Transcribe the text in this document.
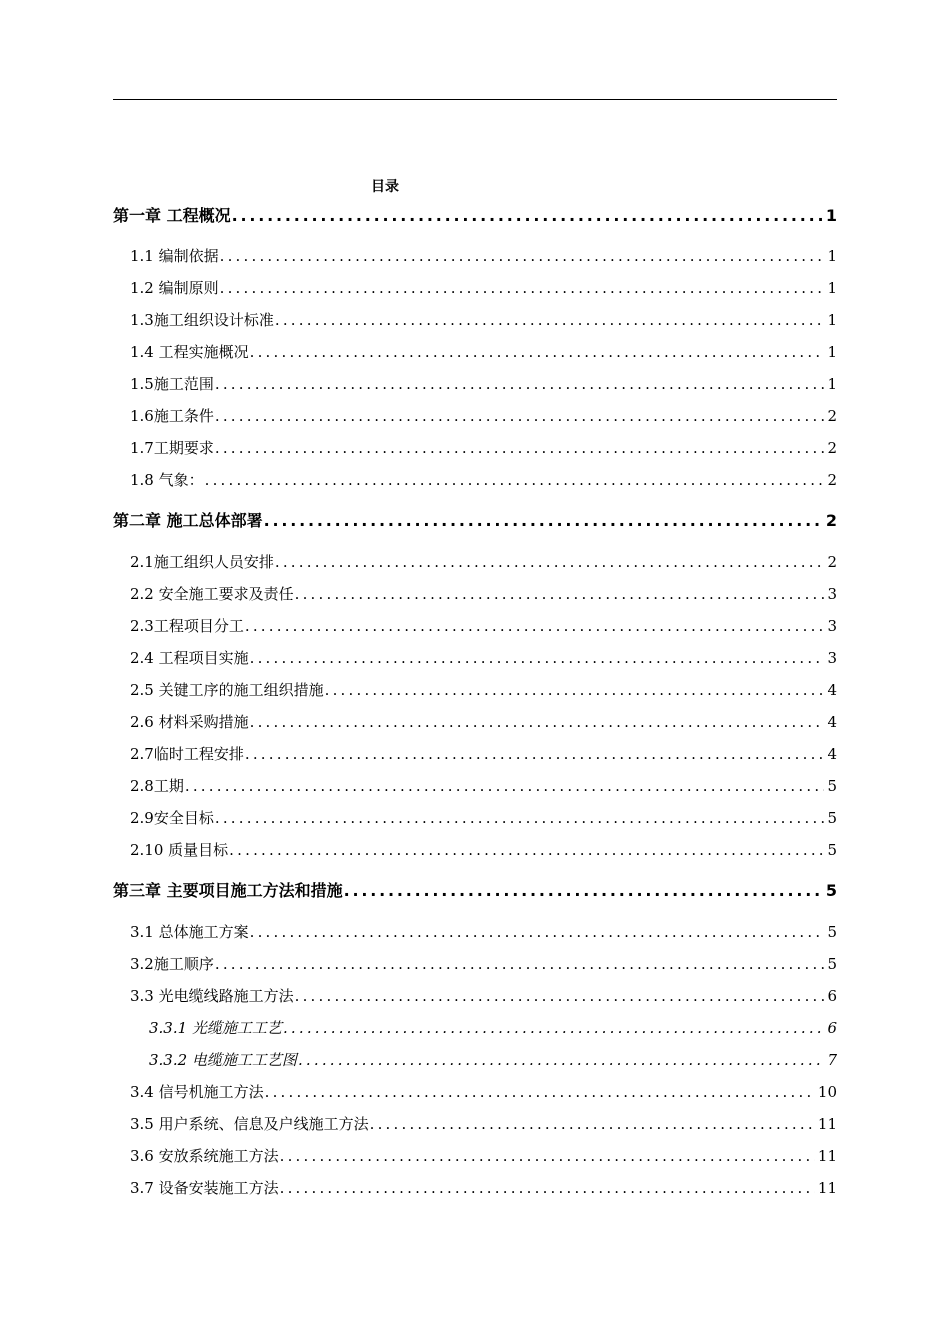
目录
第一章 工程概况 .....	1
1.1 编制依据 .....	1
1.2 编制原则 .....	1
1.3施工组织设计标准 .....	1
1.4 工程实施概况 .....	1
1.5施工范围 .....	1
1.6施工条件 .....	2
1.7工期要求 .....	2
1.8 气象： .....	2
第二章 施工总体部署 .....	2
2.1施工组织人员安排 .....	2
2.2 安全施工要求及责任 .....	3
2.3工程项目分工 .....	3
2.4 工程项目实施 .....	3
2.5 关键工序的施工组织措施 .....	4
2.6 材料采购措施 .....	4
2.7临时工程安排 .....	4
2.8工期 .....	5
2.9安全目标 .....	5
2.10 质量目标 .....	5
第三章 主要项目施工方法和措施 .....	5
3.1 总体施工方案 .....	5
3.2施工顺序 .....	5
3.3 光电缆线路施工方法 .....	6
3.3.1 光缆施工工艺 .....	6
3.3.2 电缆施工工艺图 .....	7
3.4 信号机施工方法 .....	10
3.5 用户系统、信息及户线施工方法 .....	11
3.6 安放系统施工方法 .....	11
3.7 设备安装施工方法 .....	11
